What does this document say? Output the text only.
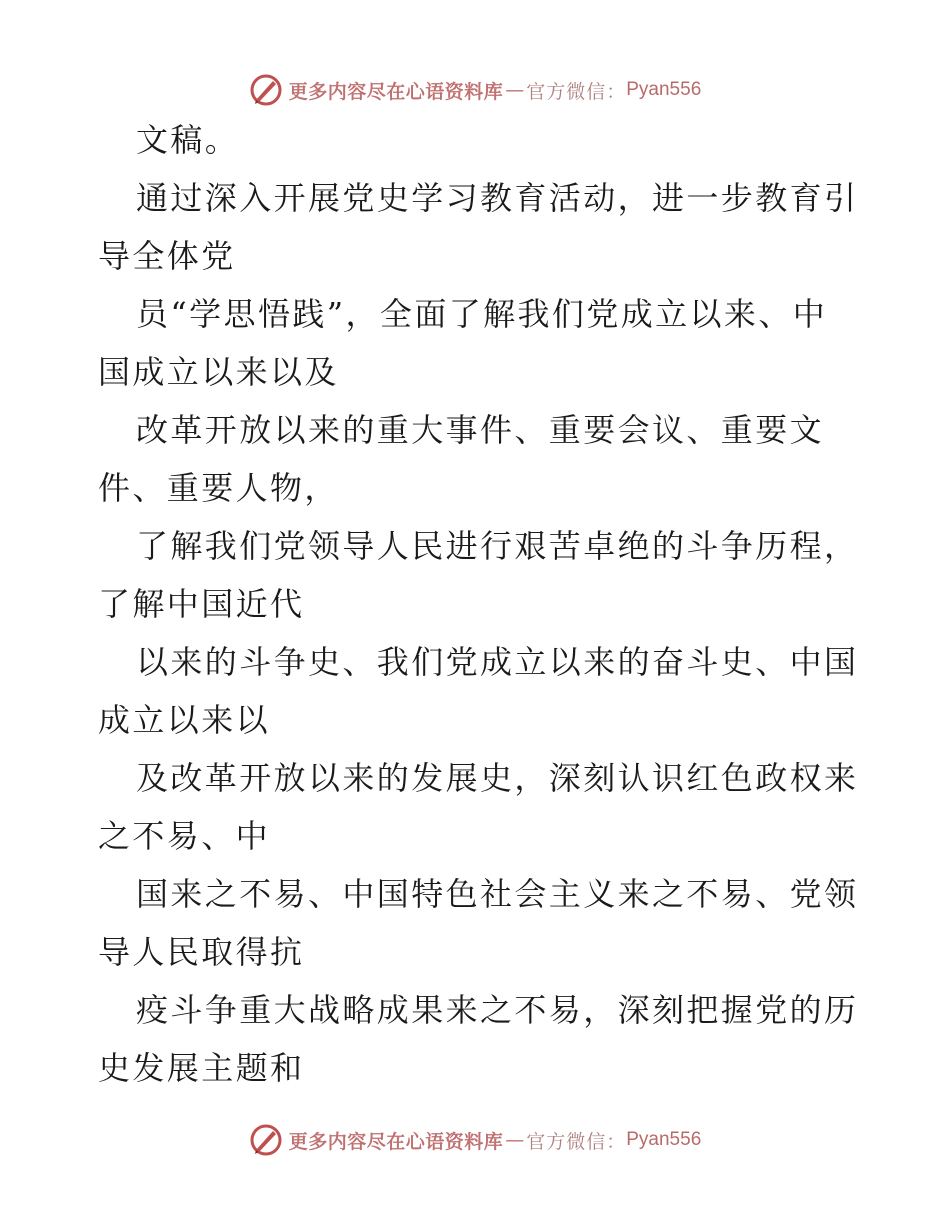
更多内容尽在心语资料库 — 官方微信： Pyan556
文稿。
通过深入开展党史学习教育活动，进一步教育引
导全体党
员“学思悟践”，全面了解我们党成立以来、中
国成立以来以及
改革开放以来的重大事件、重要会议、重要文
件、重要人物，
了解我们党领导人民进行艰苦卓绝的斗争历程，
了解中国近代
以来的斗争史、我们党成立以来的奋斗史、中国
成立以来以
及改革开放以来的发展史，深刻认识红色政权来
之不易、中
国来之不易、中国特色社会主义来之不易、党领
导人民取得抗
疫斗争重大战略成果来之不易，深刻把握党的历
史发展主题和
更多内容尽在心语资料库 — 官方微信： Pyan556
